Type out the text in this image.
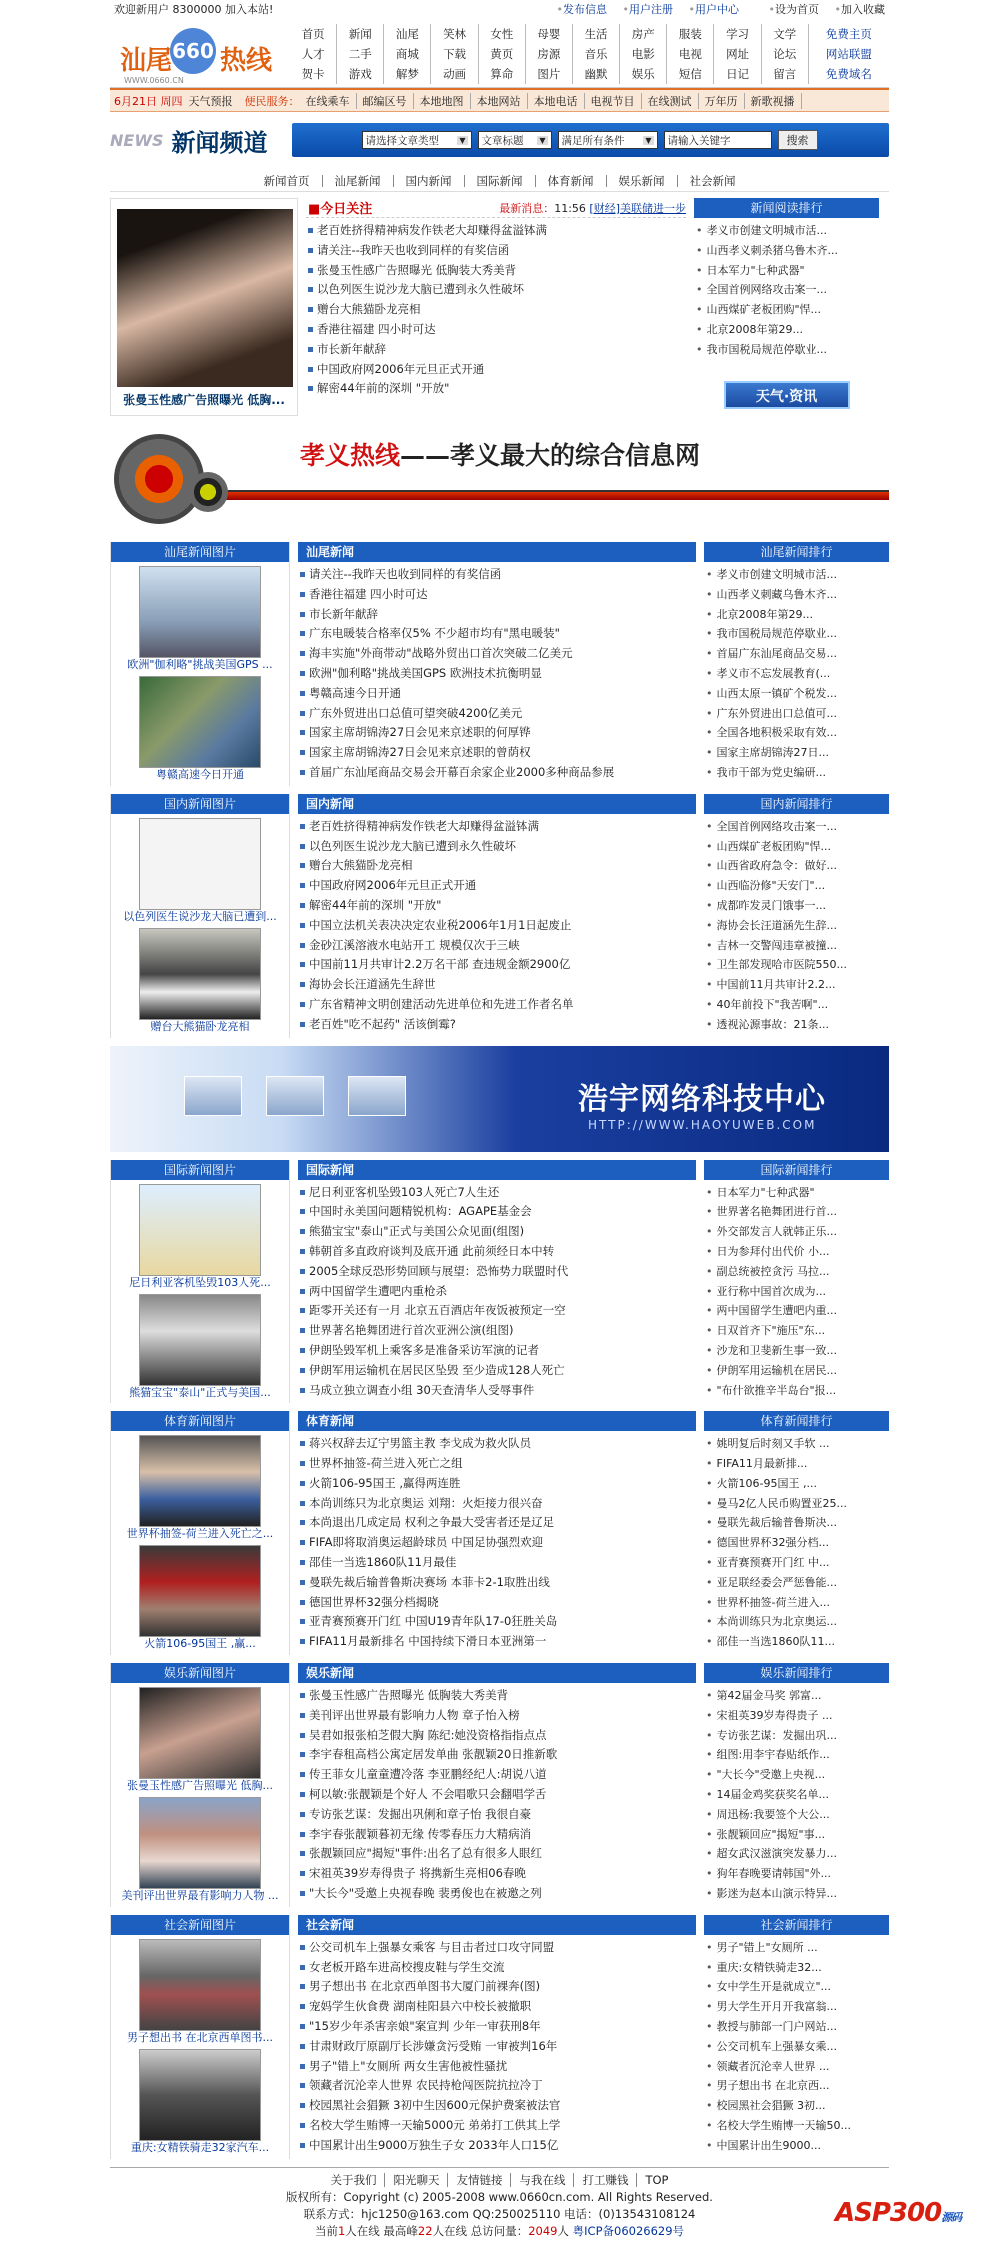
欢迎新用户 8300000 加入本站!	• 发布信息 • 用户注册 • 用户中心	• 设为首页 • 加入收藏
660
汕尾 热线
WWW.0660.CN
首页	新闻	汕尾	笑林	女性	母婴	生活	房产	服装	学习	文学	免费主页
人才	二手	商城	下载	黄页	房源	音乐	电影	电视	网址	论坛	网站联盟
贺卡	游戏	解梦	动画	算命	图片	幽默	娱乐	短信	日记	留言	免费域名
6月21日 周四 天气预报 便民服务： 在线乘车	邮编区号	本地地图	本地网站	本地电话	电视节目	在线测试	万年历	新歌视播
NEWS 新闻频道	请选择文章类型 ▼	文章标题 ▼	满足所有条件 ▼	请输入关键字	搜索
新闻首页	汕尾新闻	国内新闻	国际新闻	体育新闻	娱乐新闻	社会新闻
张曼玉性感广告照曝光 低胸...
■ 今日关注	最新消息：11:56 [财经]美联储进一步
老百姓挤得精神病发作铁老大却赚得盆溢钵满
请关注--我昨天也收到同样的有奖信函
张曼玉性感广告照曝光 低胸装大秀美背
以色列医生说沙龙大脑已遭到永久性破坏
赠台大熊猫卧龙亮相
香港往福建 四小时可达
市长新年献辞
中国政府网2006年元旦正式开通
解密44年前的深圳 "开放"
新闻阅读排行
• 孝义市创建文明城市活...
• 山西孝义刺杀猪乌鲁木齐...
• 日本军力"七种武器"
• 全国首例网络攻击案一...
• 山西煤矿老板团购"悍...
• 北京2008年第29...
• 我市国税局规范停歇业...
天气·资讯
孝义热线——孝义最大的综合信息网
汕尾新闻图片
欧洲"伽利略"挑战美国GPS ...
粤赣高速今日开通
汕尾新闻
请关注--我昨天也收到同样的有奖信函
香港往福建 四小时可达
市长新年献辞
广东电暖装合格率仅5% 不少超市均有"黑电暖装"
海丰实施"外商带动"战略外贸出口首次突破二亿美元
欧洲"伽利略"挑战美国GPS 欧洲技术抗衡明显
粤赣高速今日开通
广东外贸进出口总值可望突破4200亿美元
国家主席胡锦涛27日会见来京述职的何厚铧
国家主席胡锦涛27日会见来京述职的曾荫权
首届广东汕尾商品交易会开幕百余家企业2000多种商品参展
汕尾新闻排行
• 孝义市创建文明城市活...
• 山西孝义刺藏乌鲁木齐...
• 北京2008年第29...
• 我市国税局规范停歇业...
• 首届广东汕尾商品交易...
• 孝义市不忘发展教育(...
• 山西太原一镇矿个税发...
• 广东外贸进出口总值可...
• 全国各地积极采取有效...
• 国家主席胡锦涛27日...
• 我市干部为党史编研...
国内新闻图片
以色列医生说沙龙大脑已遭到...
赠台大熊猫卧龙亮相
国内新闻
老百姓挤得精神病发作铁老大却赚得盆溢钵满
以色列医生说沙龙大脑已遭到永久性破坏
赠台大熊猫卧龙亮相
中国政府网2006年元旦正式开通
解密44年前的深圳 "开放"
中国立法机关表决决定农业税2006年1月1日起废止
金砂江溪溶液水电站开工 规模仅次于三峡
中国前11月共审计2.2万名干部 查违规金额2900亿
海协会长汪道涵先生辞世
广东省精神文明创建活动先进单位和先进工作者名单
老百姓"吃不起药" 活该倒霉?
国内新闻排行
• 全国首例网络攻击案一...
• 山西煤矿老板团购"悍...
• 山西省政府急令：做好...
• 山西临汾修"天安门"...
• 成都昨发灵门饿事一...
• 海协会长汪道涵先生辞...
• 吉林一交警闯违章被撞...
• 卫生部发现哈市医院550...
• 中国前11月共审计2.2...
• 40年前投下"我苦啊"...
• 透视沁源事故：21条...
浩宇网络科技中心
HTTP://WWW.HAOYUWEB.COM
国际新闻图片
尼日利亚客机坠毁103人死...
熊猫宝宝"泰山"正式与美国...
国际新闻
尼日利亚客机坠毁103人死亡7人生还
中国时永美国问题精锐机构：AGAPE基金会
熊猫宝宝"泰山"正式与美国公众见面(组图)
韩朝首多直政府谈判及底开通 此前须经日本中转
2005全球反恐形势回顾与展望：恐怖势力联盟时代
两中国留学生遭吧内重枪杀
距零开关还有一月 北京五百酒店年夜饭被预定一空
世界著名艳舞团进行首次亚洲公演(组图)
伊朗坠毁军机上乘客多是准备采访军演的记者
伊朗军用运输机在居民区坠毁 至少造成128人死亡
马成立独立调查小组 30天查清华人受辱事件
国际新闻排行
• 日本军力"七种武器"
• 世界著名艳舞团进行首...
• 外交部发言人就韩正乐...
• 日为参拜付出代价 小...
• 副总统被控贪污 马拉...
• 亚行称中国首次成为...
• 两中国留学生遭吧内重...
• 日双首齐下"施压"东...
• 沙龙和卫斐新生事一致...
• 伊朗军用运输机在居民...
• "布什欲推辛半岛台"报...
体育新闻图片
世界杯抽签-荷兰进入死亡之...
火箭106-95国王 ,赢...
体育新闻
蒋兴权辞去辽宁男篮主教 李戈成为救火队员
世界杯抽签-荷兰进入死亡之组
火箭106-95国王 ,赢得两连胜
本尚训练只为北京奥运 刘翔：火炬接力很兴奋
本尚退出几成定局 权利之争最大受害者还是辽足
FIFA即将取消奥运超龄球员 中国足协强烈欢迎
邵佳一当选1860队11月最佳
曼联先裁后输普鲁斯决赛场 本菲卡2-1取胜出线
德国世界杯32强分档揭晓
亚青赛预赛开门红 中国U19青年队17-0狂胜关岛
FIFA11月最新排名 中国持续下滑日本亚洲第一
体育新闻排行
• 姚明复后时刻又手软 ...
• FIFA11月最新排...
• 火箭106-95国王 ,...
• 曼马2亿人民币购置亚25...
• 曼联先裁后输普鲁斯决...
• 德国世界杯32强分档...
• 亚青赛预赛开门红 中...
• 亚足联经委会严惩鲁能...
• 世界杯抽签-荷兰进入...
• 本尚训练只为北京奥运...
• 邵佳一当选1860队11...
娱乐新闻图片
张曼玉性感广告照曝光 低胸...
美刊评出世界最有影响力人物 ...
娱乐新闻
张曼玉性感广告照曝光 低胸装大秀美背
美刊评出世界最有影响力人物 章子怡入榜
吴君如报张柏芝假大胸 陈纪:她没资格指指点点
李宇春租高档公寓定居发单曲 张靓颖20日推新歌
传王菲女儿童童遭冷落 李亚鹏经纪人:胡说八道
柯以敏:张靓颖是个好人 不会唱歌只会翻唱学舌
专访张艺谋：发掘出巩俐和章子怡 我很自豪
李宇春张靓颖暮初无缘 传零春压力大精病消
张靓颖回应"揭短"事件:出名了总有很多人眼红
宋祖英39岁寿得贵子 将携新生亮相06春晚
"大长今"受邀上央视春晚 裴勇俊也在被邀之列
娱乐新闻排行
• 第42届金马奖 郭富...
• 宋祖英39岁寿得贵子 ...
• 专访张艺谋：发掘出巩...
• 组图:用李宇春贴纸作...
• "大长今"受邀上央视...
• 14届金鸡奖获奖名单...
• 周迅杨:我要签个大公...
• 张靓颖回应"揭短"事...
• 超女武汉滋演突发暴力...
• 狗年春晚要请韩国"外...
• 影迷为赵本山演示特异...
社会新闻图片
男子想出书 在北京西单图书...
重庆:女精铁骑走32家汽车...
社会新闻
公交司机车上强暴女乘客 与目击者过口攻守同盟
女老板开路车进高校搜皮鞋与学生交流
男子想出书 在北京西单图书大厦门前裸奔(图)
宠妈学生伙食费 湖南桂阳县六中校长被撤职
"15岁少年杀害亲娘"案宣判 少年一审获刑8年
甘肃财政厅原副厅长涉嫌贪污受贿 一审被判16年
男子"错上"女厕所 两女生害他被性骚扰
领藏者沉沦幸人世界 农民持枪闯医院抗拉冷丁
校园黑社会猖獗 3初中生因600元保护费案被法官
名校大学生贿博一天输5000元 弟弟打工供其上学
中国累计出生9000万独生子女 2033年人口15亿
社会新闻排行
• 男子"错上"女厕所 ...
• 重庆:女精铁骑走32...
• 女中学生开是就成立"...
• 男大学生开月开我富翁...
• 教授与肺部一门户网站...
• 公交司机车上强暴女乘...
• 领藏者沉沦幸人世界 ...
• 男子想出书 在北京西...
• 校园黑社会猖獗 3初...
• 名校大学生贿博一天输50...
• 中国累计出生9000...
关于我们 阳光聊天 友情链接 与我在线 打工赚钱 TOP
版权所有：Copyright (c) 2005-2008 www.0660cn.com. All Rights Reserved.
联系方式：hjc1250@163.com QQ:250025110 电话：(0)13543108124
当前1人在线 最高峰22人在线 总访问量：2049人 粤ICP备06026629号
ASP300源码
